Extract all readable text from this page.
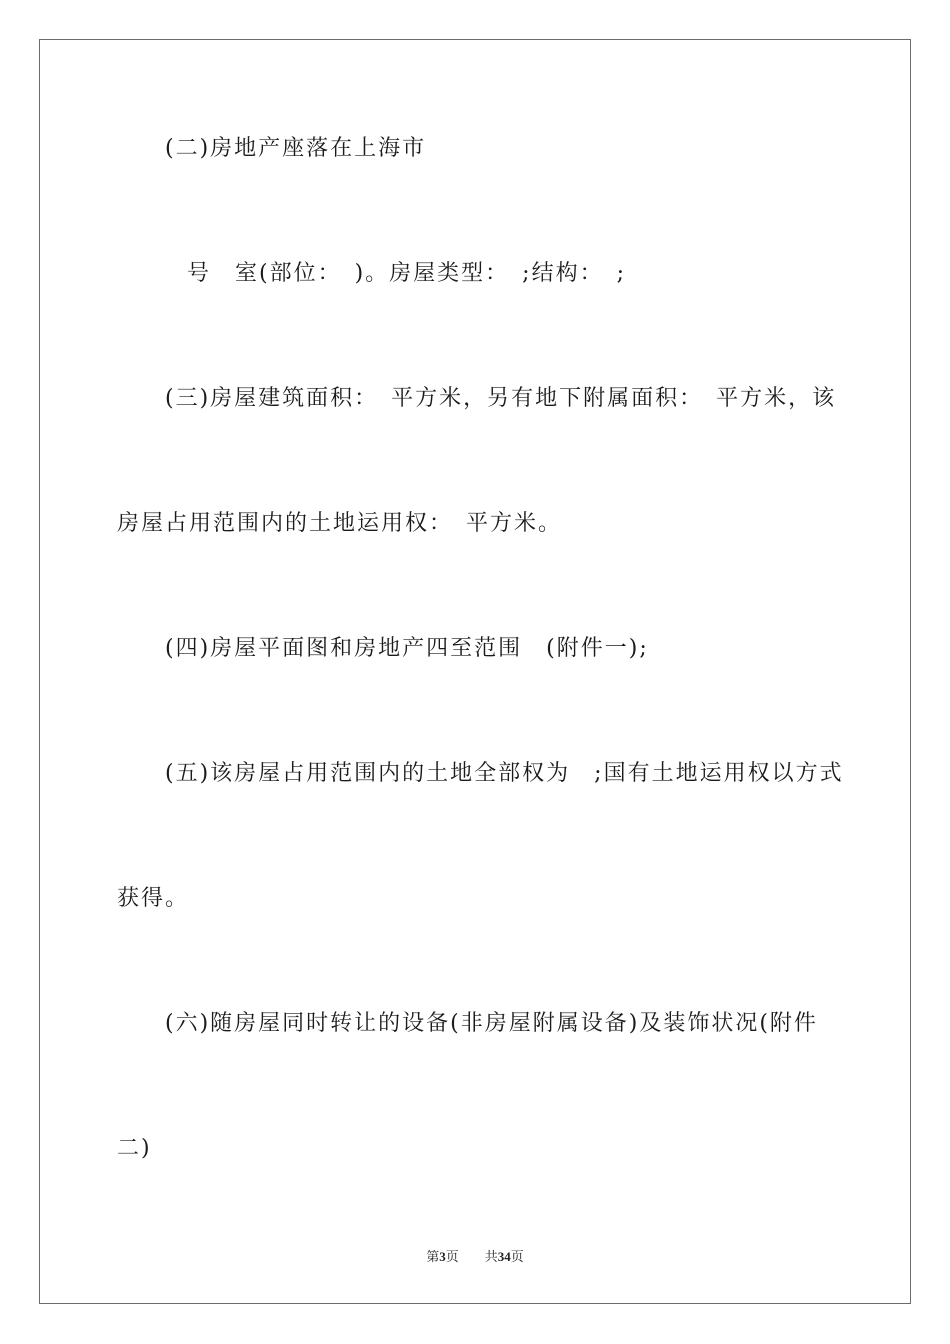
(二)房地产座落在上海市
号　室(部位：　)。房屋类型：　;结构：　;
(三)房屋建筑面积：　平方米，另有地下附属面积：　平方米，该
房屋占用范围内的土地运用权：　平方米。
(四)房屋平面图和房地产四至范围　(附件一);
(五)该房屋占用范围内的土地全部权为　;国有土地运用权以方式
获得。
(六)随房屋同时转让的设备(非房屋附属设备)及装饰状况(附件
二)
第3页　　共34页
